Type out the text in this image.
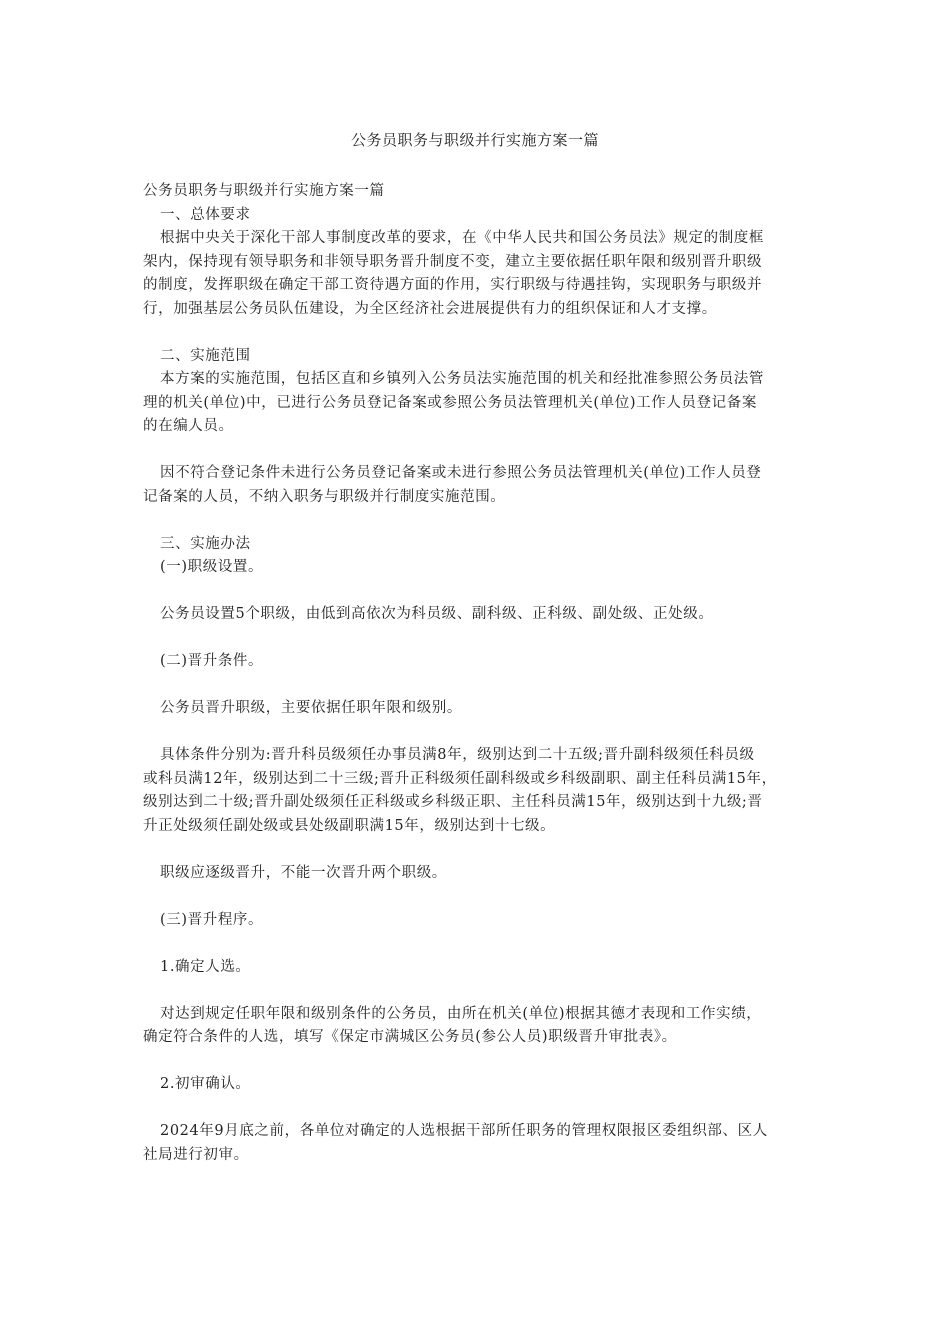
公务员职务与职级并行实施方案一篇

公务员职务与职级并行实施方案一篇

一、总体要求

根据中央关于深化干部人事制度改革的要求，在《中华人民共和国公务员法》规定的制度框

架内，保持现有领导职务和非领导职务晋升制度不变，建立主要依据任职年限和级别晋升职级

的制度，发挥职级在确定干部工资待遇方面的作用，实行职级与待遇挂钩，实现职务与职级并

行，加强基层公务员队伍建设，为全区经济社会进展提供有力的组织保证和人才支撑。

二、实施范围

本方案的实施范围，包括区直和乡镇列入公务员法实施范围的机关和经批准参照公务员法管

理的机关(单位)中，已进行公务员登记备案或参照公务员法管理机关(单位)工作人员登记备案

的在编人员。

因不符合登记条件未进行公务员登记备案或未进行参照公务员法管理机关(单位)工作人员登

记备案的人员，不纳入职务与职级并行制度实施范围。

三、实施办法

(一)职级设置。

公务员设置5个职级，由低到高依次为科员级、副科级、正科级、副处级、正处级。

(二)晋升条件。

公务员晋升职级，主要依据任职年限和级别。

具体条件分别为:晋升科员级须任办事员满8年，级别达到二十五级;晋升副科级须任科员级

或科员满12年，级别达到二十三级;晋升正科级须任副科级或乡科级副职、副主任科员满15年，

级别达到二十级;晋升副处级须任正科级或乡科级正职、主任科员满15年，级别达到十九级;晋

升正处级须任副处级或县处级副职满15年，级别达到十七级。

职级应逐级晋升，不能一次晋升两个职级。

(三)晋升程序。

1.确定人选。

对达到规定任职年限和级别条件的公务员，由所在机关(单位)根据其德才表现和工作实绩，

确定符合条件的人选，填写《保定市满城区公务员(参公人员)职级晋升审批表》。

2.初审确认。

2024年9月底之前，各单位对确定的人选根据干部所任职务的管理权限报区委组织部、区人

社局进行初审。
